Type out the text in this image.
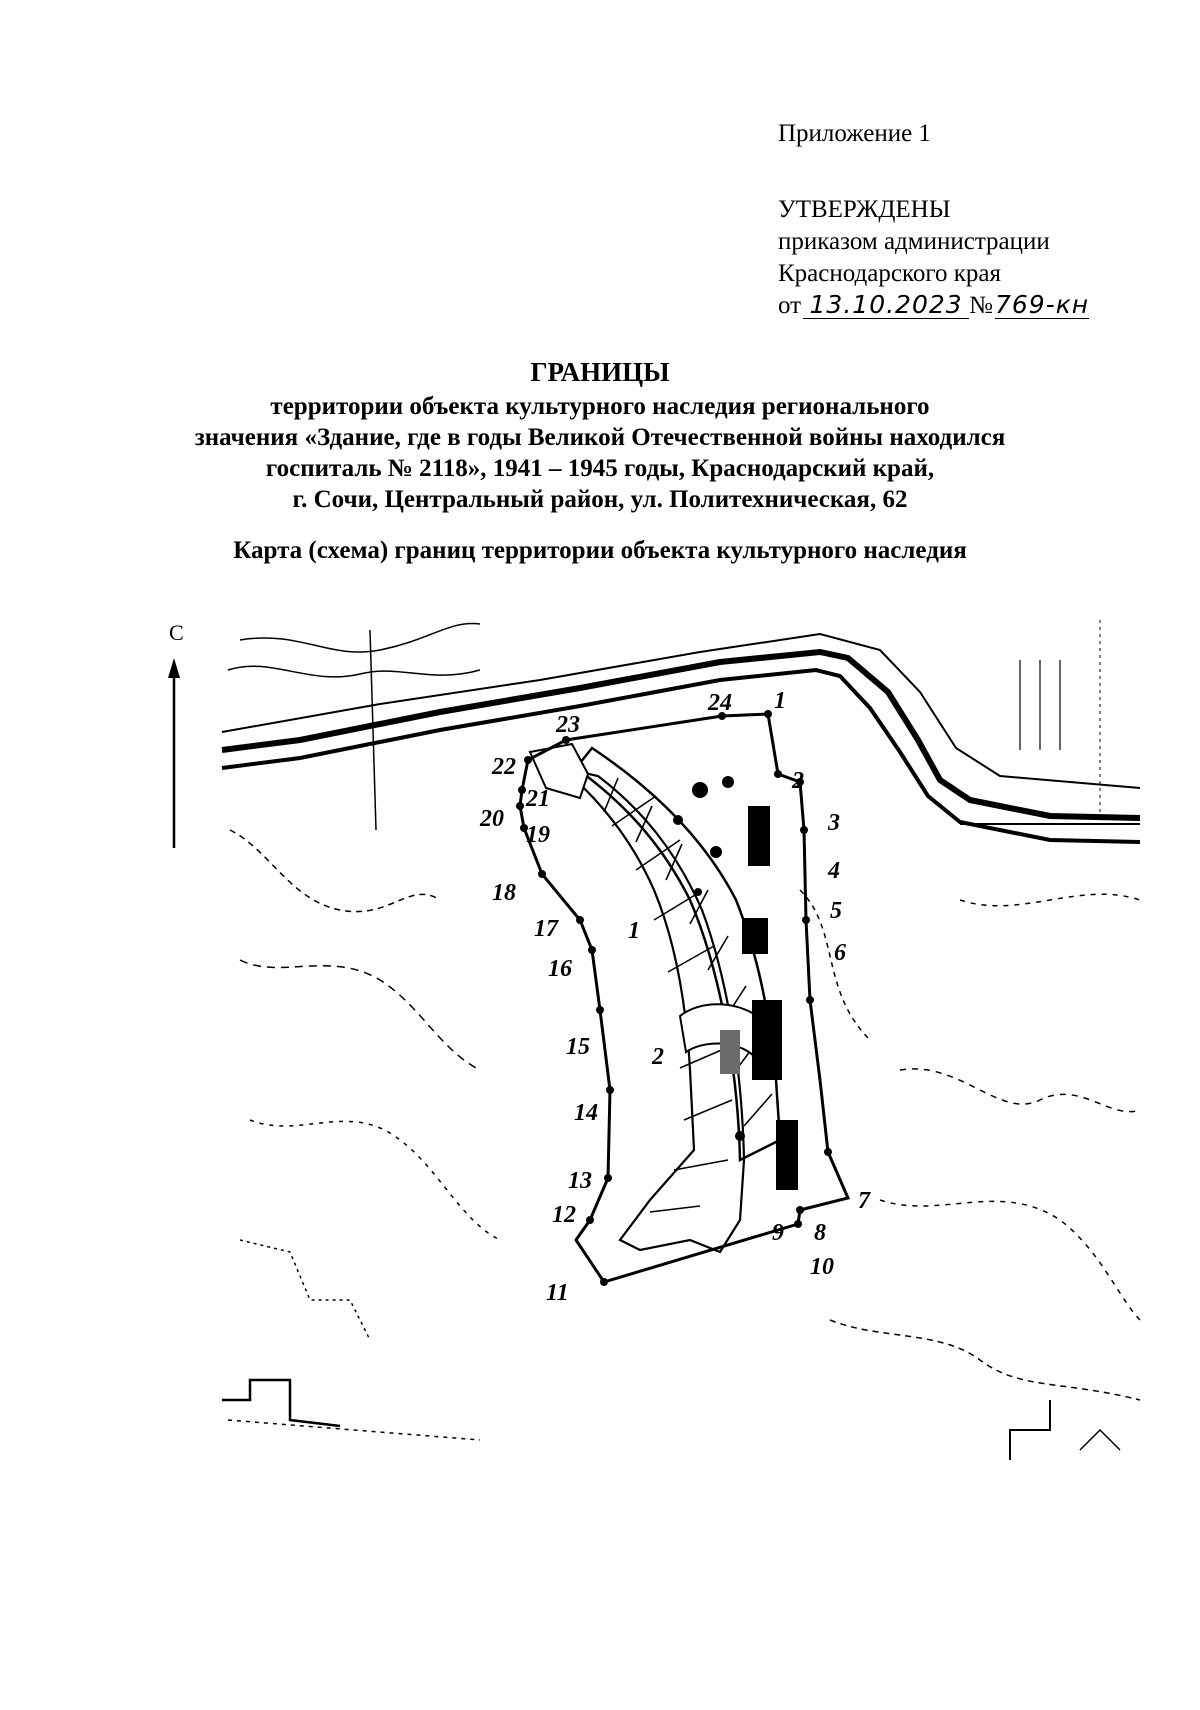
Приложение 1
УТВЕРЖДЕНЫ
приказом администрации
Краснодарского края
от 13.10.2023 №769-кн
ГРАНИЦЫ
территории объекта культурного наследия регионального
значения «Здание, где в годы Великой Отечественной войны находился
госпиталь № 2118», 1941 – 1945 годы, Краснодарский край,
г. Сочи, Центральный район, ул. Политехническая, 62
Карта (схема) границ территории объекта культурного наследия
С
1
2
1
2
3
4
5
6
7
8
9
10
11
12
13
14
15
16
17
18
19
20
21
22
23
24
